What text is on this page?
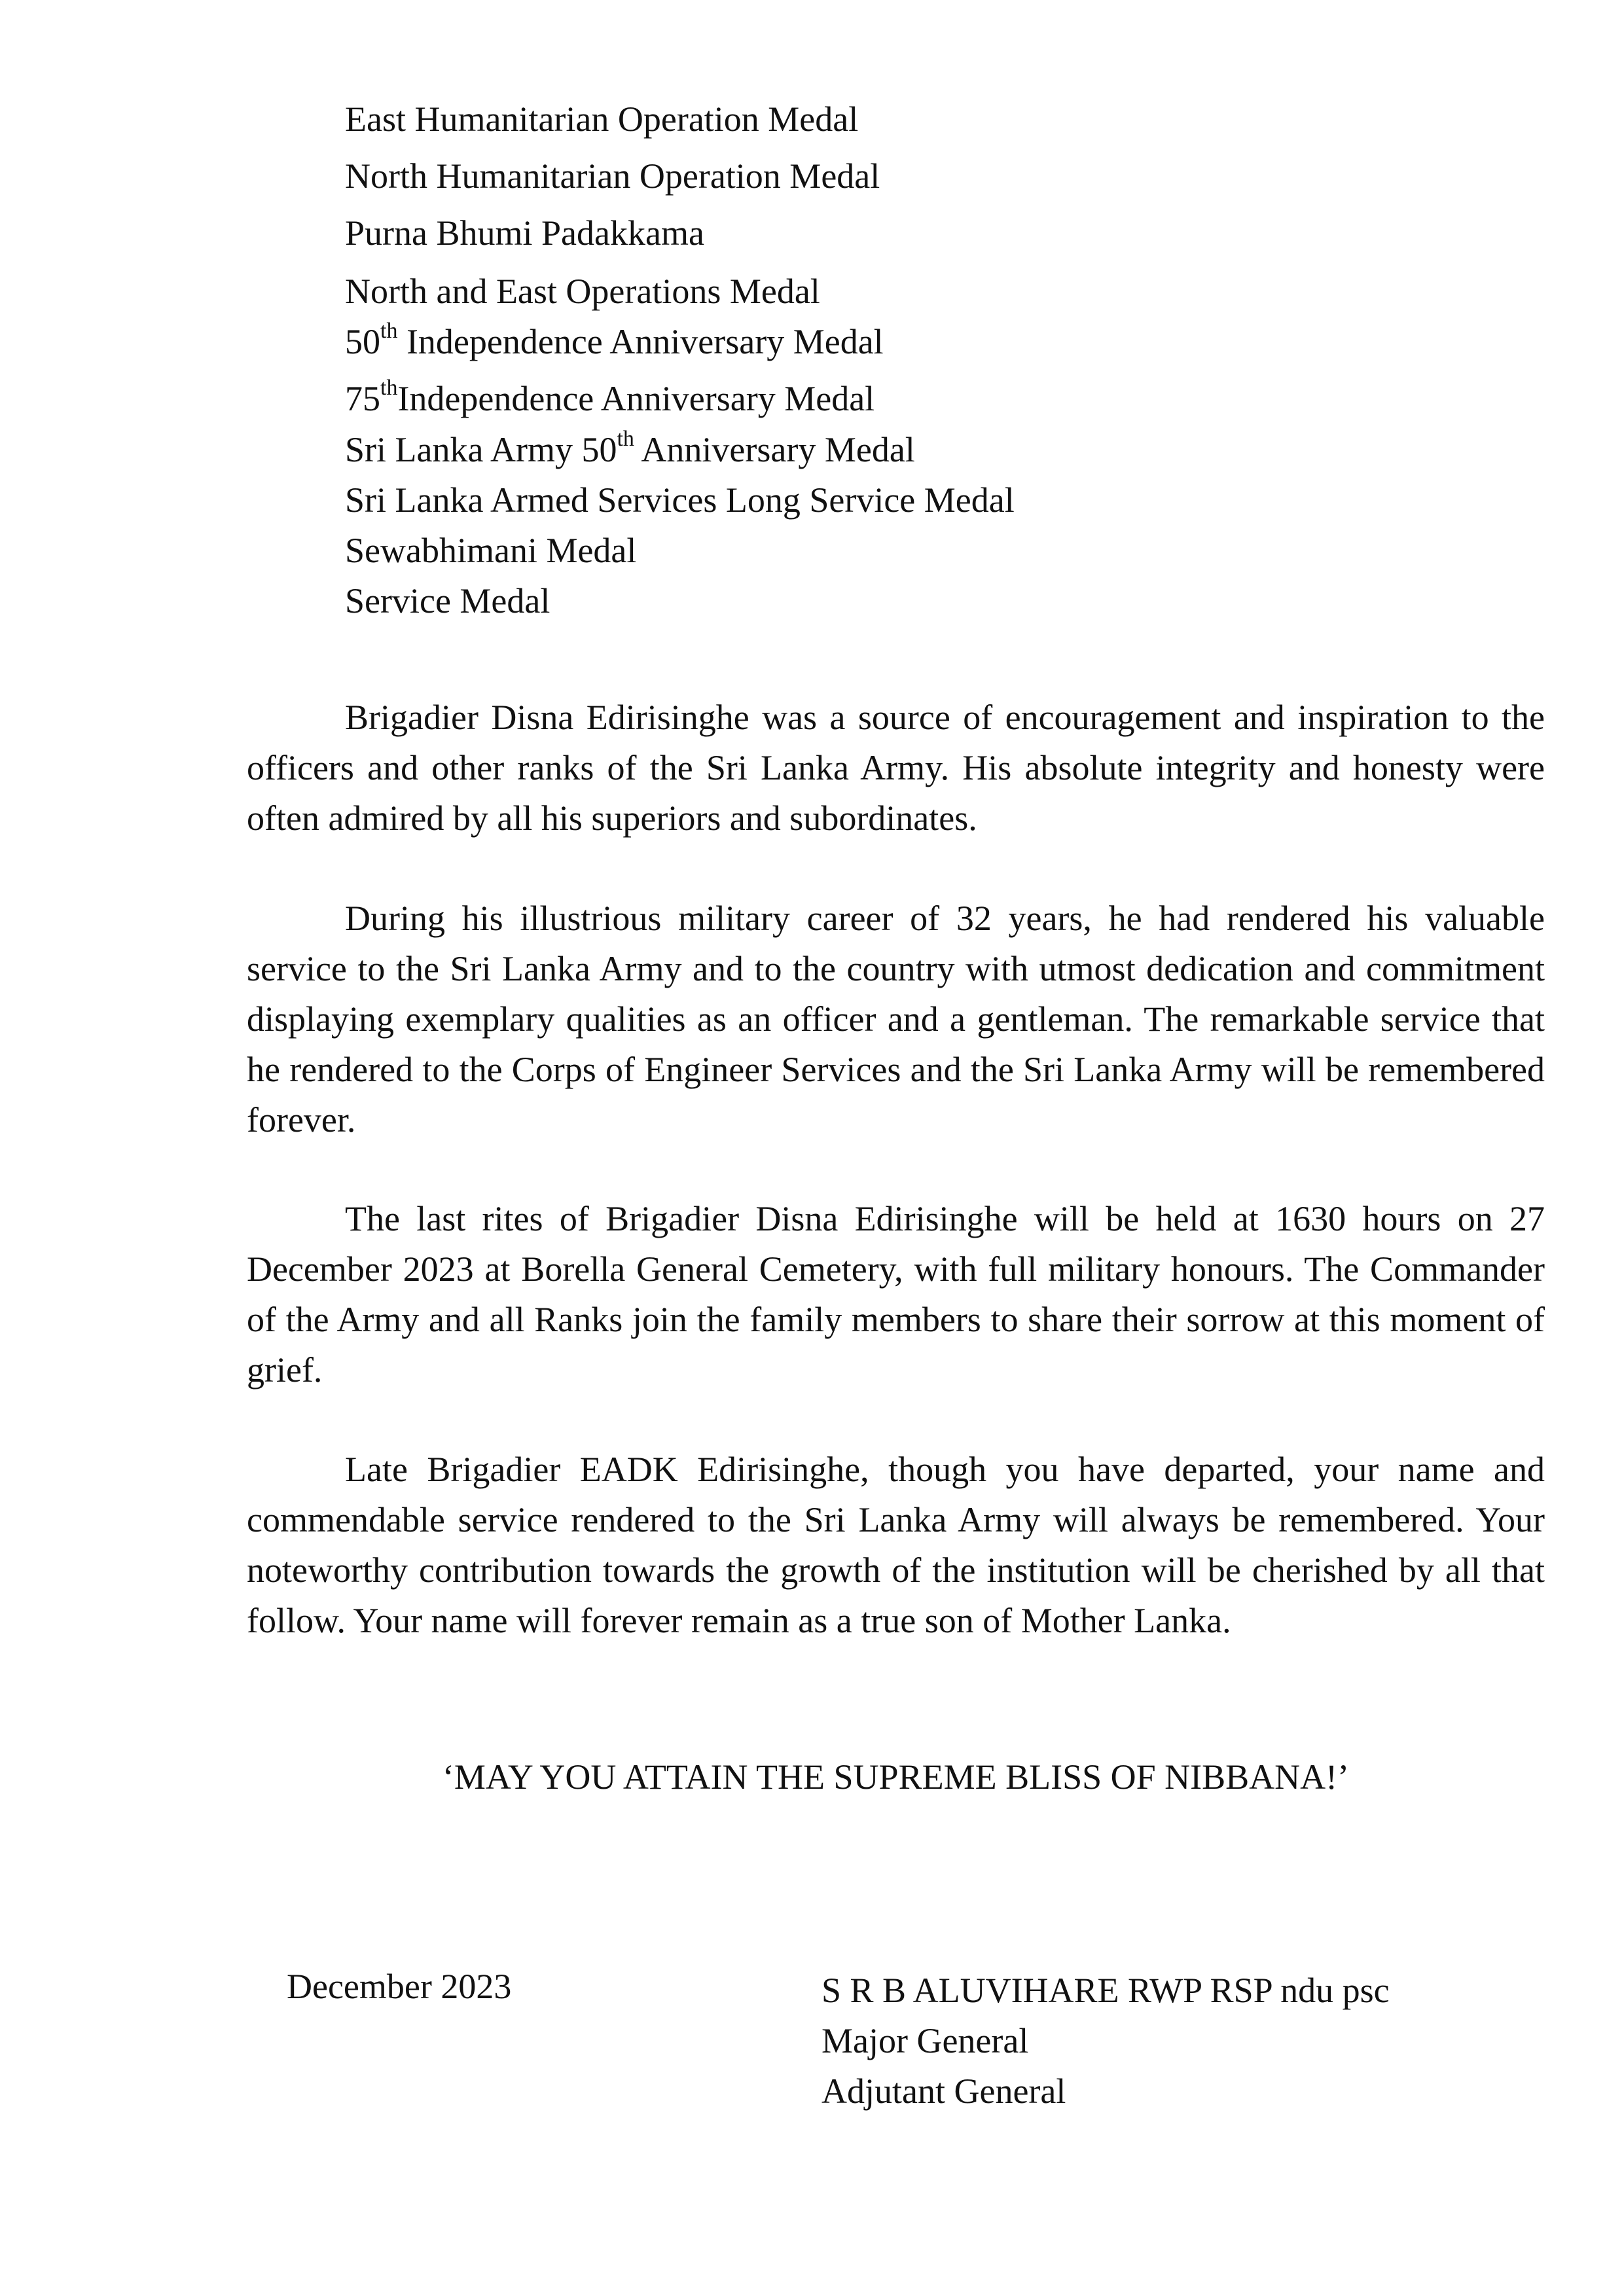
East Humanitarian Operation Medal
North Humanitarian Operation Medal
Purna Bhumi Padakkama
North and East Operations Medal
50th Independence Anniversary Medal
75thIndependence Anniversary Medal
Sri Lanka Army 50th Anniversary Medal
Sri Lanka Armed Services Long Service Medal
Sewabhimani Medal
Service Medal

Brigadier Disna Edirisinghe was a source of encouragement and inspiration to the officers and other ranks of the Sri Lanka Army. His absolute integrity and honesty were often admired by all his superiors and subordinates.

During his illustrious military career of 32 years, he had rendered his valuable service to the Sri Lanka Army and to the country with utmost dedication and commitment displaying exemplary qualities as an officer and a gentleman. The remarkable service that he rendered to the Corps of Engineer Services and the Sri Lanka Army will be remembered forever.

The last rites of Brigadier Disna Edirisinghe will be held at 1630 hours on 27 December 2023 at Borella General Cemetery, with full military honours. The Commander of the Army and all Ranks join the family members to share their sorrow at this moment of grief.

Late Brigadier EADK Edirisinghe, though you have departed, your name and commendable service rendered to the Sri Lanka Army will always be remembered. Your noteworthy contribution towards the growth of the institution will be cherished by all that follow. Your name will forever remain as a true son of Mother Lanka.

‘MAY YOU ATTAIN THE SUPREME BLISS OF NIBBANA!’
December 2023	S R B ALUVIHARE RWP RSP ndu psc
Major General
Adjutant General
